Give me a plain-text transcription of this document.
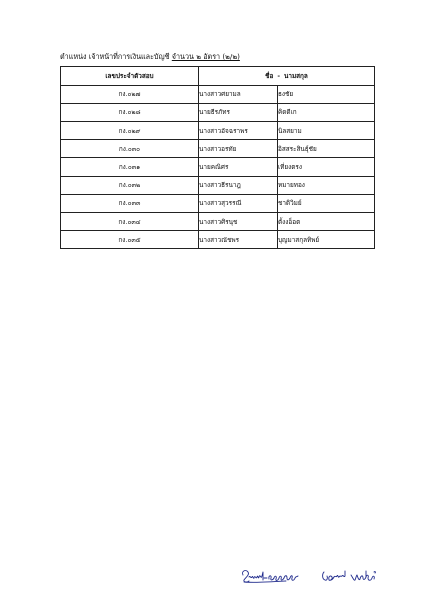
ตำแหน่ง เจ้าหน้าที่การเงินและบัญชี จำนวน ๒ อัตรา (๒/๒)
เลขประจำตัวสอบ	ชื่อ - นามสกุล	
กง.๐๒๗	นางสาวศยามล	ธงชัย
กง.๐๒๘	นายธีรภัทร	คิดดีเก
กง.๐๒๙	นางสาวอัจฉราพร	นิลสยาม
กง.๐๓๐	นางสาวอรทัย	อิสสระสินธุ์ชัย
กง.๐๓๑	นายคณิศร	เที่ยงตรง
กง.๐๓๒	นางสาวธีรนาฎ	หมายทอง
กง.๐๓๓	นางสาวสุวรรณี	ชาติวิมย์
กง.๐๓๔	นางสาวศิรนุช	ตั้งงอ็อต
กง.๐๓๕	นางสาวณัชพร	บุญมาสกุลทิพย์
